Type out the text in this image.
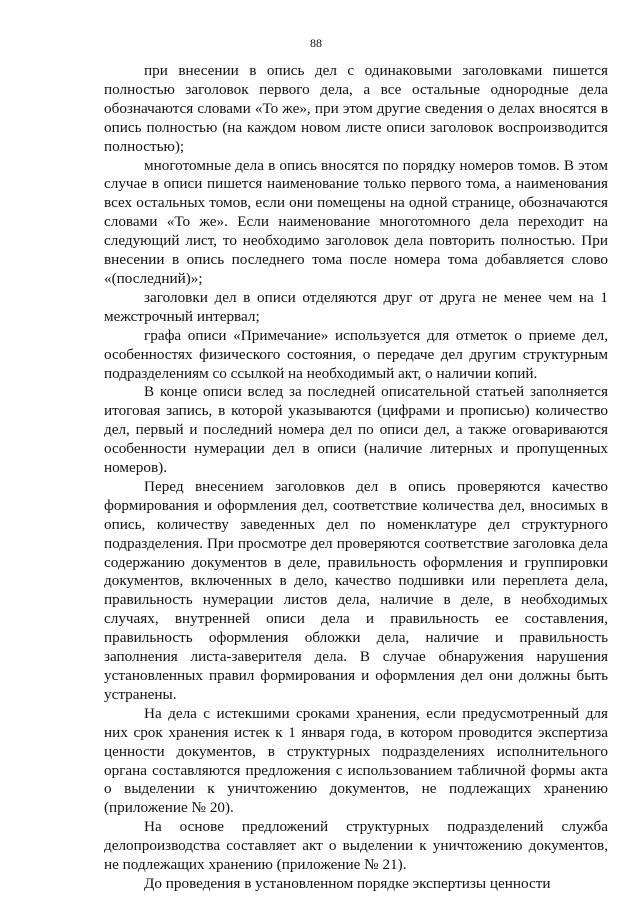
88

при внесении в опись дел с одинаковыми заголовками пишется полностью заголовок первого дела, а все остальные однородные дела обозначаются словами «То же», при этом другие сведения о делах вносятся в опись полностью (на каждом новом листе описи заголовок воспроизводится полностью);

многотомные дела в опись вносятся по порядку номеров томов. В этом случае в описи пишется наименование только первого тома, а наименования всех остальных томов, если они помещены на одной странице, обозначаются словами «То же». Если наименование многотомного дела переходит на следующий лист, то необходимо заголовок дела повторить полностью. При внесении в опись последнего тома после номера тома добавляется слово «(последний)»;

заголовки дел в описи отделяются друг от друга не менее чем на 1 межстрочный интервал;

графа описи «Примечание» используется для отметок о приеме дел, особенностях физического состояния, о передаче дел другим структурным подразделениям со ссылкой на необходимый акт, о наличии копий.

В конце описи вслед за последней описательной статьей заполняется итоговая запись, в которой указываются (цифрами и прописью) количество дел, первый и последний номера дел по описи дел, а также оговариваются особенности нумерации дел в описи (наличие литерных и пропущенных номеров).

Перед внесением заголовков дел в опись проверяются качество формирования и оформления дел, соответствие количества дел, вносимых в опись, количеству заведенных дел по номенклатуре дел структурного подразделения. При просмотре дел проверяются соответствие заголовка дела содержанию документов в деле, правильность оформления и группировки документов, включенных в дело, качество подшивки или переплета дела, правильность нумерации листов дела, наличие в деле, в необходимых случаях, внутренней описи дела и правильность ее составления, правильность оформления обложки дела, наличие и правильность заполнения листа-заверителя дела. В случае обнаружения нарушения установленных правил формирования и оформления дел они должны быть устранены.

На дела с истекшими сроками хранения, если предусмотренный для них срок хранения истек к 1 января года, в котором проводится экспертиза ценности документов, в структурных подразделениях исполнительного органа составляются предложения с использованием табличной формы акта о выделении к уничтожению документов, не подлежащих хранению (приложение № 20).

На основе предложений структурных подразделений служба делопроизводства составляет акт о выделении к уничтожению документов, не подлежащих хранению (приложение № 21).

До проведения в установленном порядке экспертизы ценности
